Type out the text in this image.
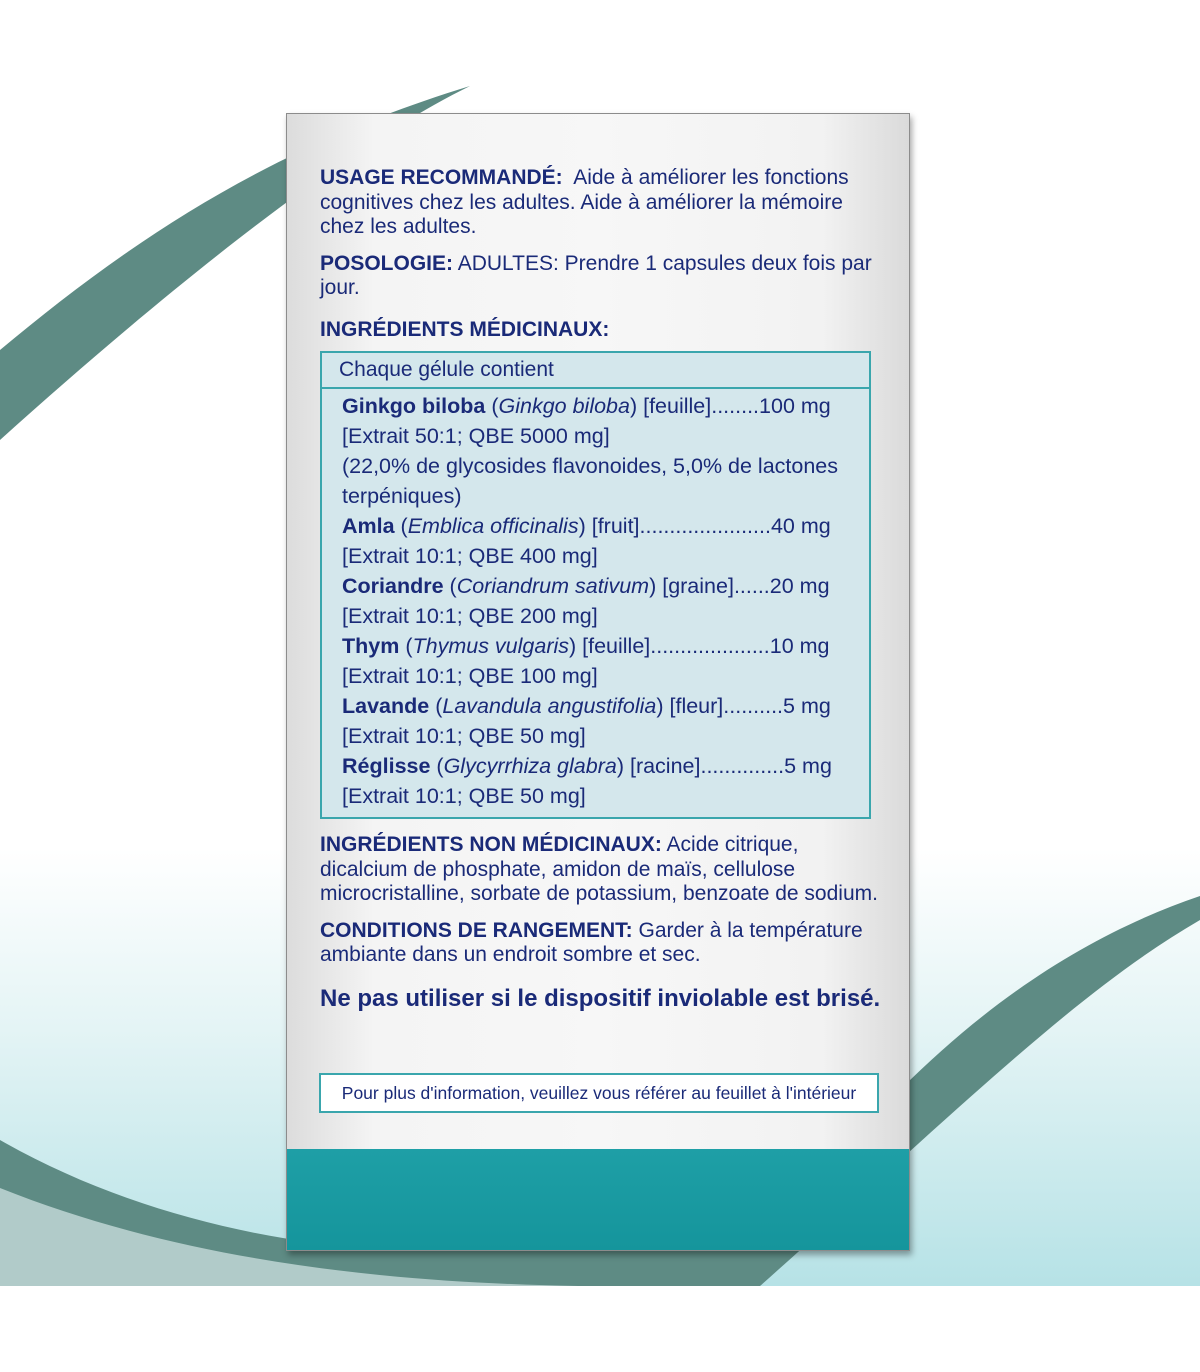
USAGE RECOMMANDÉ: Aide à améliorer les fonctions cognitives chez les adultes. Aide à améliorer la mémoire chez les adultes.

POSOLOGIE: ADULTES: Prendre 1 capsules deux fois par jour.

INGRÉDIENTS MÉDICINAUX:
Chaque gélule contient
Ginkgo biloba (Ginkgo biloba) [feuille]........100 mg
[Extrait 50:1; QBE 5000 mg]
(22,0% de glycosides flavonoides, 5,0% de lactones
terpéniques)
Amla (Emblica officinalis) [fruit]......................40 mg
[Extrait 10:1; QBE 400 mg]
Coriandre (Coriandrum sativum) [graine]......20 mg
[Extrait 10:1; QBE 200 mg]
Thym (Thymus vulgaris) [feuille]....................10 mg
[Extrait 10:1; QBE 100 mg]
Lavande (Lavandula angustifolia) [fleur]..........5 mg
[Extrait 10:1; QBE 50 mg]
Réglisse (Glycyrrhiza glabra) [racine]..............5 mg
[Extrait 10:1; QBE 50 mg]

INGRÉDIENTS NON MÉDICINAUX: Acide citrique, dicalcium de phosphate, amidon de maïs, cellulose microcristalline, sorbate de potassium, benzoate de sodium.

CONDITIONS DE RANGEMENT: Garder à la température ambiante dans un endroit sombre et sec.

Ne pas utiliser si le dispositif inviolable est brisé.
Pour plus d'information, veuillez vous référer au feuillet à l'intérieur
